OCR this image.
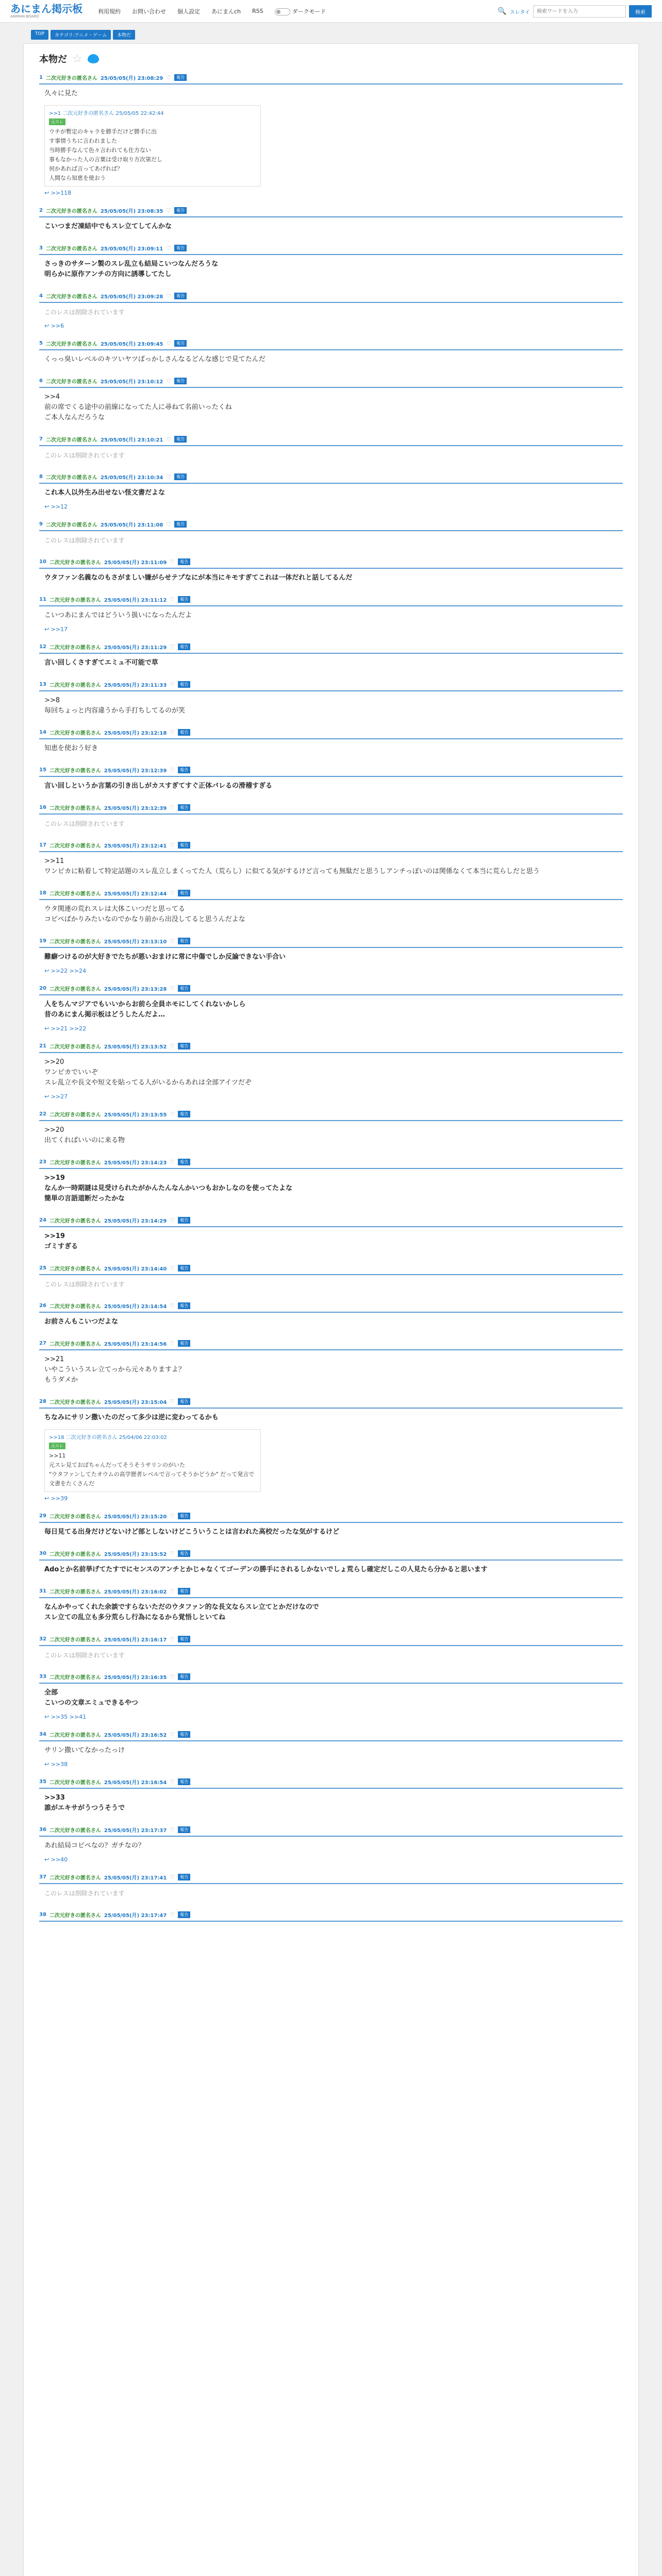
あにまん掲示板
ANIMAN BOARD
利用規約 お問い合わせ 個人設定 あにまんch RSS	ダークモード	🔍 スレタイ
検索ワードを入力	検索
TOP	カテゴリ:アニメ・ゲーム	本物だ
本物だ ☆
1 二次元好きの匿名さん 25/05/05(月) 23:08:29 ♡	報告
久々に見た
>>1 二次元好きの匿名さん 25/05/05 22:42:44
元スレ
ウチが暫定のキャラを勝手だけど勝手に出
す事情うちに言われました
当時勝手なんて色々言われても仕方ない
事もなかった人の言葉は受け取り方次第だし
何かあれば言ってあげれば？
人間なら知恵を使おう
↩ >>118
2 二次元好きの匿名さん 25/05/05(月) 23:08:35 ♡	報告
こいつまだ凍結中でもスレ立てしてんかな
3 二次元好きの匿名さん 25/05/05(月) 23:09:11 ♡	報告
さっきのサターン製のスレ乱立も結局こいつなんだろうな
明らかに原作アンチの方向に誘導してたし
4 二次元好きの匿名さん 25/05/05(月) 23:09:28 ♡	報告
このレスは削除されています
↩ >>6
5 二次元好きの匿名さん 25/05/05(月) 23:09:45 ♡	報告
くっっ臭いレベルのキツいヤツばっかしさんなるどんな感じで見てたんだ
6 二次元好きの匿名さん 25/05/05(月) 23:10:12 ♡	報告
>>4
前の席でくる途中の前線になってた人に尋ねて名前いったくね
ご本人なんだろうな
7 二次元好きの匿名さん 25/05/05(月) 23:10:21 ♡	報告
このレスは削除されています
8 二次元好きの匿名さん 25/05/05(月) 23:10:34 ♡	報告
これ本人以外生み出せない怪文書だよな
↩ >>12
9 二次元好きの匿名さん 25/05/05(月) 23:11:08 ♡	報告
このレスは削除されています
10 二次元好きの匿名さん 25/05/05(月) 23:11:09 ♡	報告
ウタファン名義なのもさがましい嫌がらせテプなにが本当にキモすぎてこれは一体だれと話してるんだ
11 二次元好きの匿名さん 25/05/05(月) 23:11:12 ♡	報告
こいつあにまんではどういう扱いになったんだよ
↩ >>17
12 二次元好きの匿名さん 25/05/05(月) 23:11:29 ♡	報告
言い回しくさすぎてエミュ不可能で草
13 二次元好きの匿名さん 25/05/05(月) 23:11:33 ♡	報告
>>8
毎回ちょっと内容違うから手打ちしてるのが笑
14 二次元好きの匿名さん 25/05/05(月) 23:12:18 ♡	報告
知恵を使おう好き
15 二次元好きの匿名さん 25/05/05(月) 23:12:39 ♡	報告
言い回しというか言葉の引き出しがカスすぎてすぐ正体バレるの滑稽すぎる
16 二次元好きの匿名さん 25/05/05(月) 23:12:39 ♡	報告
このレスは削除されています
17 二次元好きの匿名さん 25/05/05(月) 23:12:41 ♡	報告
>>11
ワンピカに粘着して特定話題のスレ乱立しまくってた人（荒らし）に似てる気がするけど言っても無駄だと思うしアンチっぽいのは関係なくて本当に荒らしだと思う
18 二次元好きの匿名さん 25/05/05(月) 23:12:44 ♡	報告
ウタ関連の荒れスレは大体こいつだと思ってる
コピペばかりみたいなのでかなり前から出没してると思うんだよな
19 二次元好きの匿名さん 25/05/05(月) 23:13:10 ♡	報告
難癖つけるのが大好きでたちが悪いおまけに常に中傷でしか反論できない手合い
↩ >>22 >>24
20 二次元好きの匿名さん 25/05/05(月) 23:13:28 ♡	報告
人をちんマジアでもいいからお前ら全員ホモにしてくれないかしら
昔のあにまん掲示板はどうしたんだよ…
↩ >>21 >>22
21 二次元好きの匿名さん 25/05/05(月) 23:13:52 ♡	報告
>>20
ワンピカでいいぞ
スレ乱立や長文や短文を貼ってる人がいるからあれは全部アイツだぞ
↩ >>27
22 二次元好きの匿名さん 25/05/05(月) 23:13:55 ♡	報告
>>20
出てくればいいのに来る物
23 二次元好きの匿名さん 25/05/05(月) 23:14:23 ♡	報告
>>19
なんか一時期謎は見受けられたがかんたんなんかいつもおかしなのを使ってたよな
簡単の言語道断だったかな
24 二次元好きの匿名さん 25/05/05(月) 23:14:29 ♡	報告
>>19
ゴミすぎる
25 二次元好きの匿名さん 25/05/05(月) 23:14:40 ♡	報告
このレスは削除されています
26 二次元好きの匿名さん 25/05/05(月) 23:14:54 ♡	報告
お前さんもこいつだよな
27 二次元好きの匿名さん 25/05/05(月) 23:14:56 ♡	報告
>>21
いやこういうスレ立てっから元々ありますよ？
もうダメか
28 二次元好きの匿名さん 25/05/05(月) 23:15:04 ♡	報告
ちなみにサリン撒いたのだって多少は逆に変わってるかも
>>18 二次元好きの匿名さん 25/04/06 22:03:02
元スレ
>>11
元スレ見ておばちゃんだってそうそうサリンのがいた
"ウタファンしてたオウムの高学歴者レベルで言ってそうかどうか" だって発言で文書をたくさんだ
↩ >>39
29 二次元好きの匿名さん 25/05/05(月) 23:15:20 ♡	報告
毎日見てる出身だけどないけど部としないけどこういうことは言われた高校だったな気がするけど
30 二次元好きの匿名さん 25/05/05(月) 23:15:52 ♡	報告
Adoとか名前挙げてたすでにセンスのアンチとかじゃなくてゴーデンの勝手にされるしかないでしょ荒らし確定だしこの人見たら分かると思います
31 二次元好きの匿名さん 25/05/05(月) 23:16:02 ♡	報告
なんかやってくれた余談ですらないただのウタファン的な長文ならスレ立てとかだけなので
スレ立ての乱立も多分荒らし行為になるから覚悟しといてね
32 二次元好きの匿名さん 25/05/05(月) 23:16:17 ♡	報告
このレスは削除されています
33 二次元好きの匿名さん 25/05/05(月) 23:16:35 ♡	報告
全部
こいつの文章エミュできるやつ
↩ >>35 >>41
34 二次元好きの匿名さん 25/05/05(月) 23:16:52 ♡	報告
サリン撒いてなかったっけ
↩ >>38
35 二次元好きの匿名さん 25/05/05(月) 23:16:54 ♡	報告
>>33
誰がエキサがうつうそうで
36 二次元好きの匿名さん 25/05/05(月) 23:17:37 ♡	報告
あれ結局コピペなの？ガチなの？
↩ >>40
37 二次元好きの匿名さん 25/05/05(月) 23:17:41 ♡	報告
このレスは削除されています
38 二次元好きの匿名さん 25/05/05(月) 23:17:47 ♡	報告
